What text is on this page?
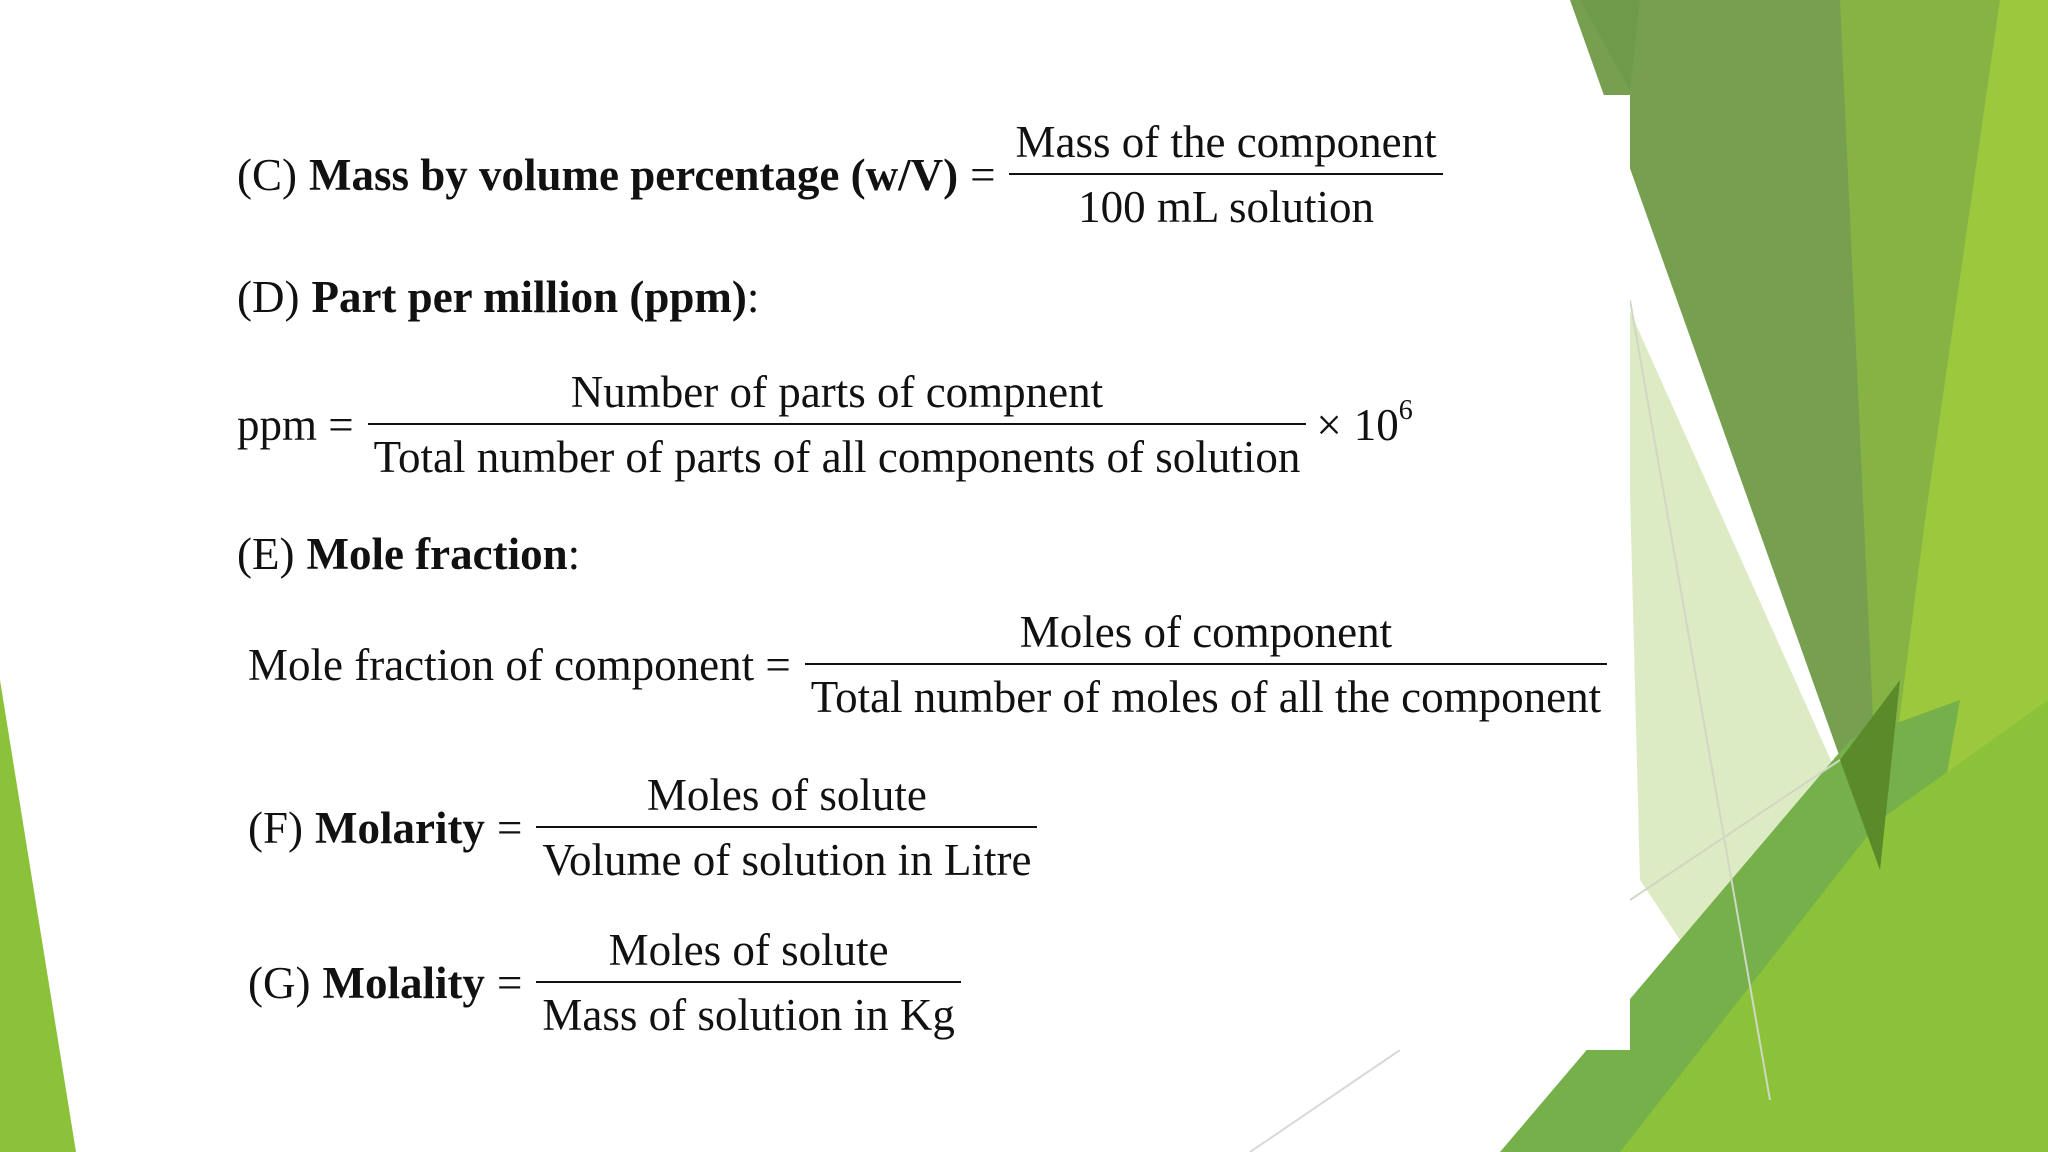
(C) Mass by volume percentage $(w/V) = \frac{\text{Mass of the component}}{\text{100 mL solution}}$
(D) Part per million (ppm) :
ppm = $\frac{\text{Number of parts of compnent}}{\text{Total number of parts of all components of solution}} \times 10^6$
(E) Mole fraction :
Mole fraction of component = $\frac{\text{Moles of component}}{\text{Total number of moles of all the component}}$
(F) Molarity = $\frac{\text{Moles of solute}}{\text{Volume of solution in Litre}}$
(G) Molality = $\frac{\text{Moles of solute}}{\text{Mass of solution in Kg}}$
